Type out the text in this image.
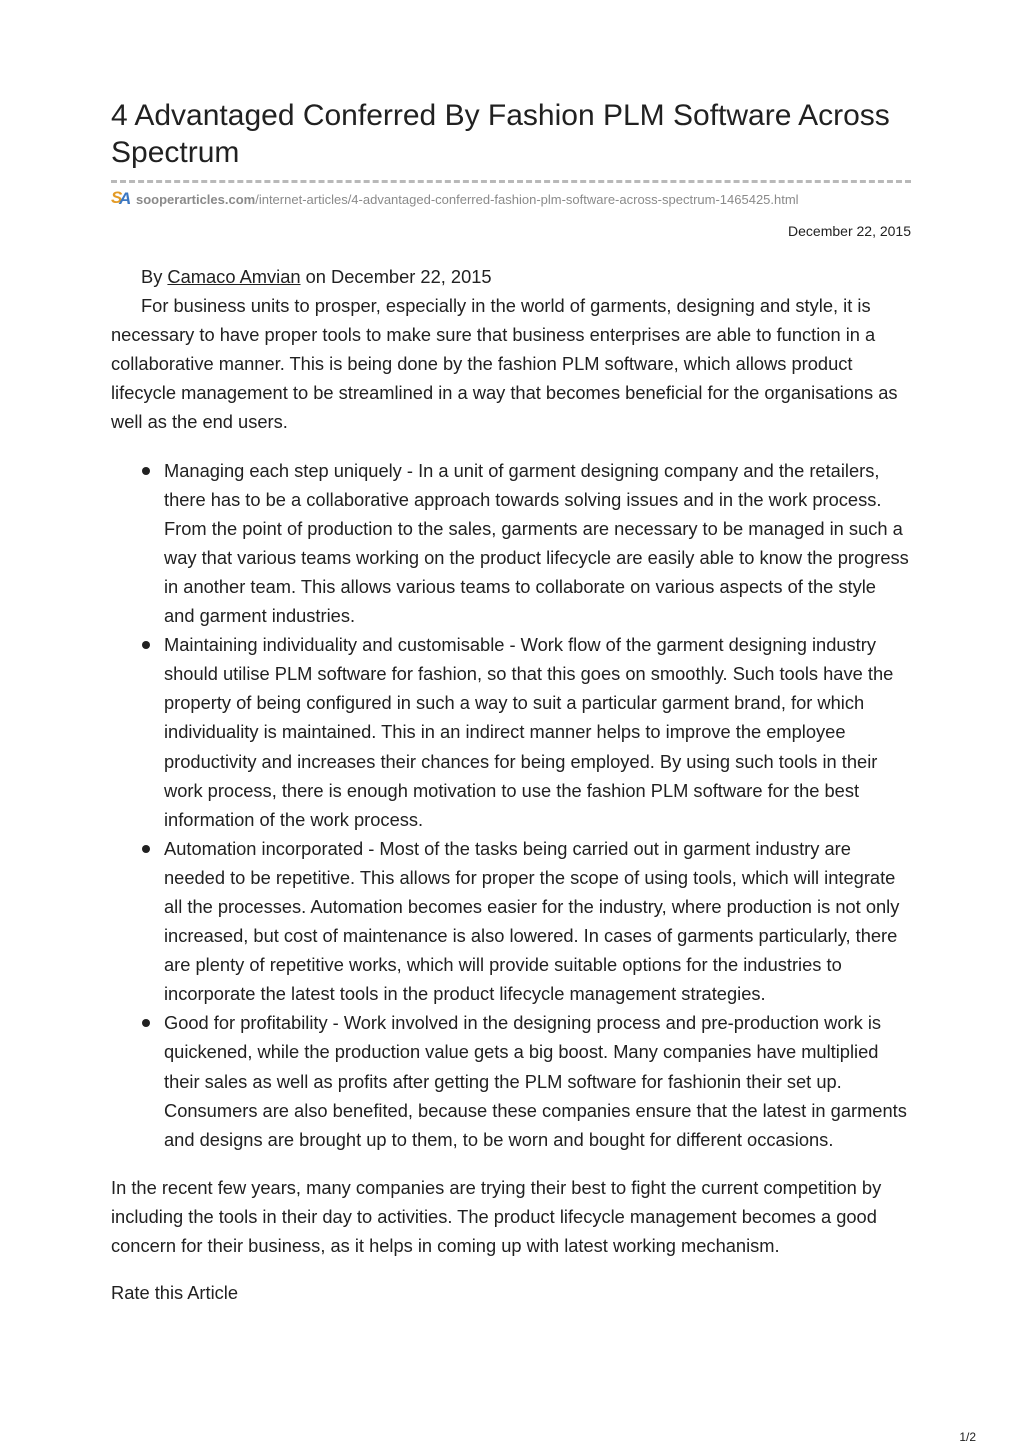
4 Advantaged Conferred By Fashion PLM Software Across Spectrum
S
A sooperarticles.com /internet-articles/4-advantaged-conferred-fashion-plm-software-across-spectrum-1465425.html
December 22, 2015

By Camaco Amvian on December 22, 2015

For business units to prosper, especially in the world of garments, designing and style, it is necessary to have proper tools to make sure that business enterprises are able to function in a collaborative manner. This is being done by the fashion PLM software, which allows product lifecycle management to be streamlined in a way that becomes beneficial for the organisations as well as the end users.

Managing each step uniquely - In a unit of garment designing company and the retailers, there has to be a collaborative approach towards solving issues and in the work process. From the point of production to the sales, garments are necessary to be managed in such a way that various teams working on the product lifecycle are easily able to know the progress in another team. This allows various teams to collaborate on various aspects of the style and garment industries.
Maintaining individuality and customisable - Work flow of the garment designing industry should utilise PLM software for fashion, so that this goes on smoothly. Such tools have the property of being configured in such a way to suit a particular garment brand, for which individuality is maintained. This in an indirect manner helps to improve the employee productivity and increases their chances for being employed. By using such tools in their work process, there is enough motivation to use the fashion PLM software for the best information of the work process.
Automation incorporated - Most of the tasks being carried out in garment industry are needed to be repetitive. This allows for proper the scope of using tools, which will integrate all the processes. Automation becomes easier for the industry, where production is not only increased, but cost of maintenance is also lowered. In cases of garments particularly, there are plenty of repetitive works, which will provide suitable options for the industries to incorporate the latest tools in the product lifecycle management strategies.
Good for profitability - Work involved in the designing process and pre-production work is quickened, while the production value gets a big boost. Many companies have multiplied their sales as well as profits after getting the PLM software for fashionin their set up. Consumers are also benefited, because these companies ensure that the latest in garments and designs are brought up to them, to be worn and bought for different occasions.

In the recent few years, many companies are trying their best to fight the current competition by including the tools in their day to activities. The product lifecycle management becomes a good concern for their business, as it helps in coming up with latest working mechanism.

Rate this Article

1/2
